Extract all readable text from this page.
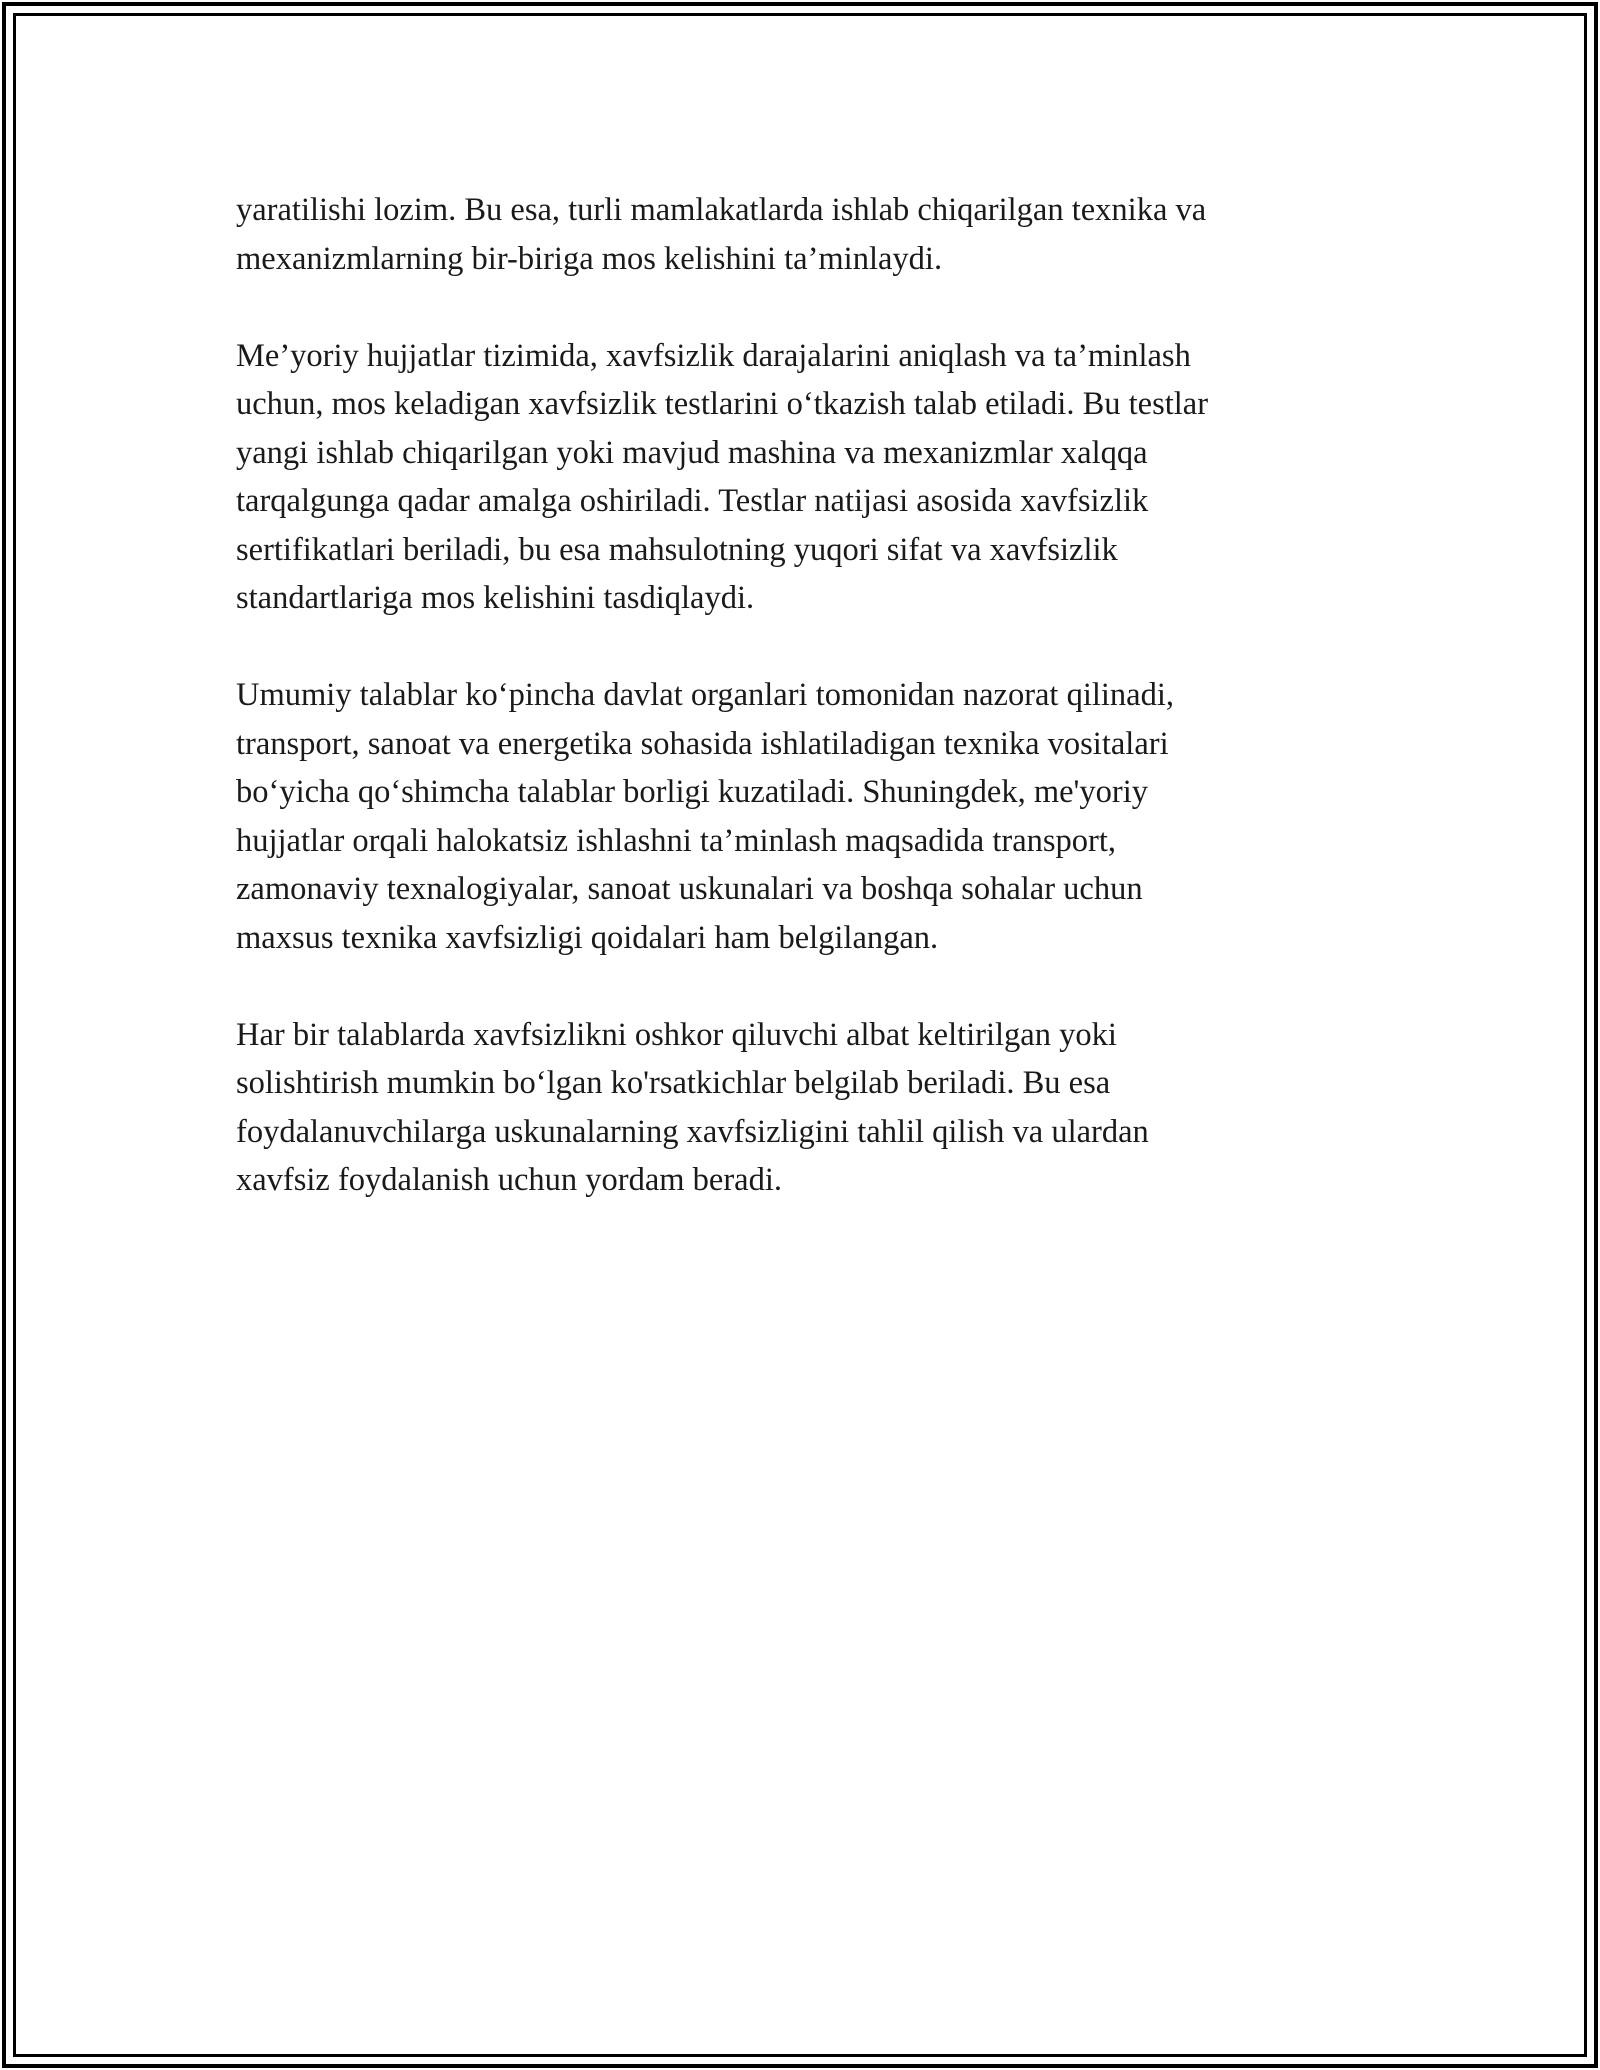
yaratilishi lozim. Bu esa, turli mamlakatlarda ishlab chiqarilgan texnika va
mexanizmlarning bir-biriga mos kelishini ta’minlaydi.

Me’yoriy hujjatlar tizimida, xavfsizlik darajalarini aniqlash va ta’minlash
uchun, mos keladigan xavfsizlik testlarini o‘tkazish talab etiladi. Bu testlar
yangi ishlab chiqarilgan yoki mavjud mashina va mexanizmlar xalqqa
tarqalgunga qadar amalga oshiriladi. Testlar natijasi asosida xavfsizlik
sertifikatlari beriladi, bu esa mahsulotning yuqori sifat va xavfsizlik
standartlariga mos kelishini tasdiqlaydi.

Umumiy talablar ko‘pincha davlat organlari tomonidan nazorat qilinadi,
transport, sanoat va energetika sohasida ishlatiladigan texnika vositalari
bo‘yicha qo‘shimcha talablar borligi kuzatiladi. Shuningdek, me'yoriy
hujjatlar orqali halokatsiz ishlashni ta’minlash maqsadida transport,
zamonaviy texnalogiyalar, sanoat uskunalari va boshqa sohalar uchun
maxsus texnika xavfsizligi qoidalari ham belgilangan.

Har bir talablarda xavfsizlikni oshkor qiluvchi albat keltirilgan yoki
solishtirish mumkin bo‘lgan ko'rsatkichlar belgilab beriladi. Bu esa
foydalanuvchilarga uskunalarning xavfsizligini tahlil qilish va ulardan
xavfsiz foydalanish uchun yordam beradi.
